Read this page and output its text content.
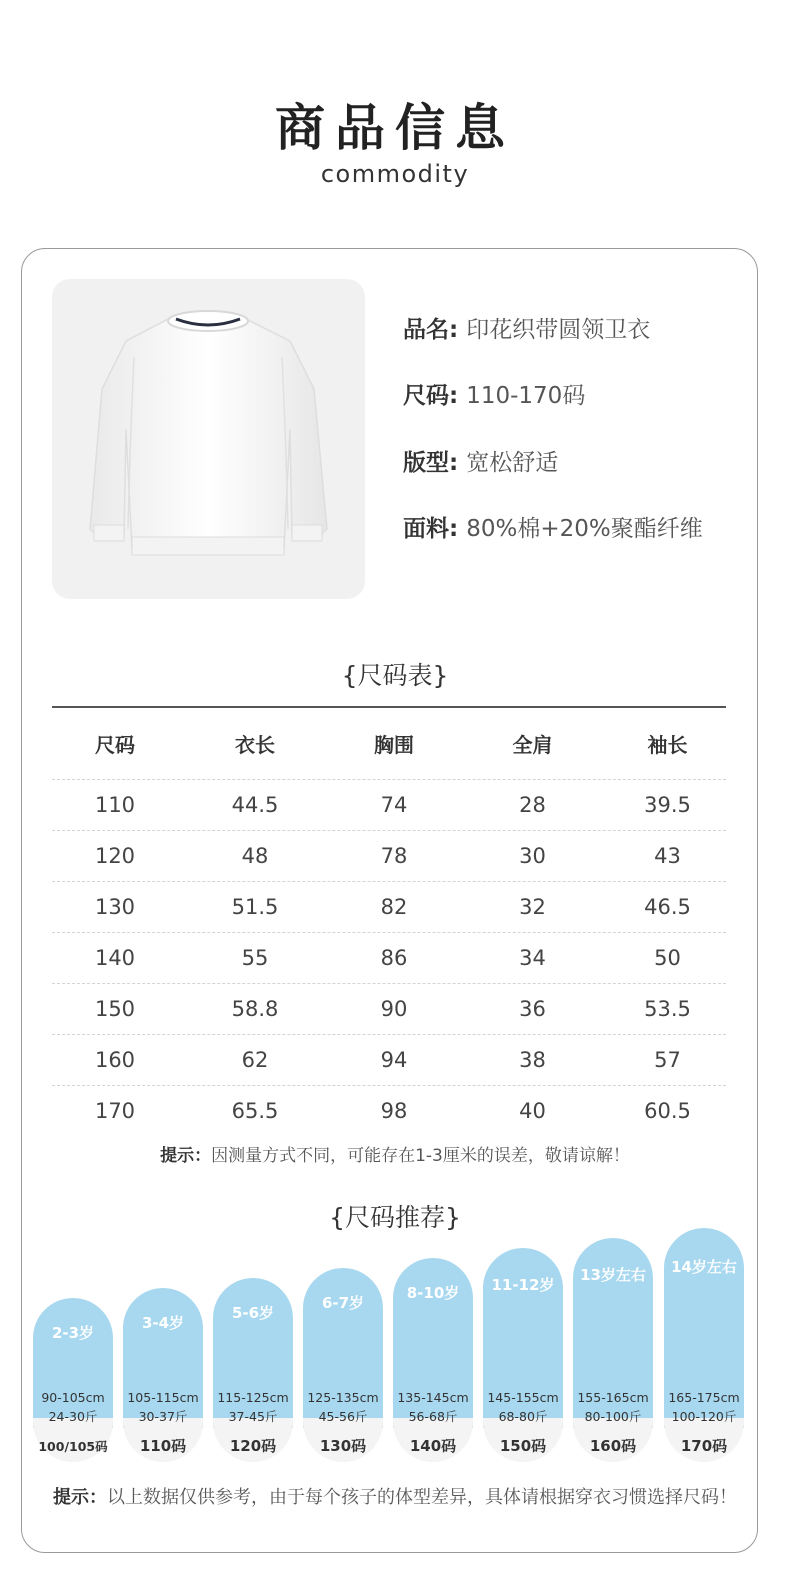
商品信息
commodity
品名: 印花织带圆领卫衣
尺码: 110-170码
版型: 宽松舒适
面料: 80%棉+20%聚酯纤维
{尺码表}
尺码	衣长	胸围	全肩	袖长
110	44.5	74	28	39.5
120	48	78	30	43
130	51.5	82	32	46.5
140	55	86	34	50
150	58.8	90	36	53.5
160	62	94	38	57
170	65.5	98	40	60.5
提示：因测量方式不同，可能存在1-3厘米的误差，敬请谅解！
{尺码推荐}
2-3岁
90-105cm
24-30斤
100/105码
3-4岁
105-115cm
30-37斤
110码
5-6岁
115-125cm
37-45斤
120码
6-7岁
125-135cm
45-56斤
130码
8-10岁
135-145cm
56-68斤
140码
11-12岁
145-155cm
68-80斤
150码
13岁左右
155-165cm
80-100斤
160码
14岁左右
165-175cm
100-120斤
170码
提示：以上数据仅供参考，由于每个孩子的体型差异，具体请根据穿衣习惯选择尺码！
